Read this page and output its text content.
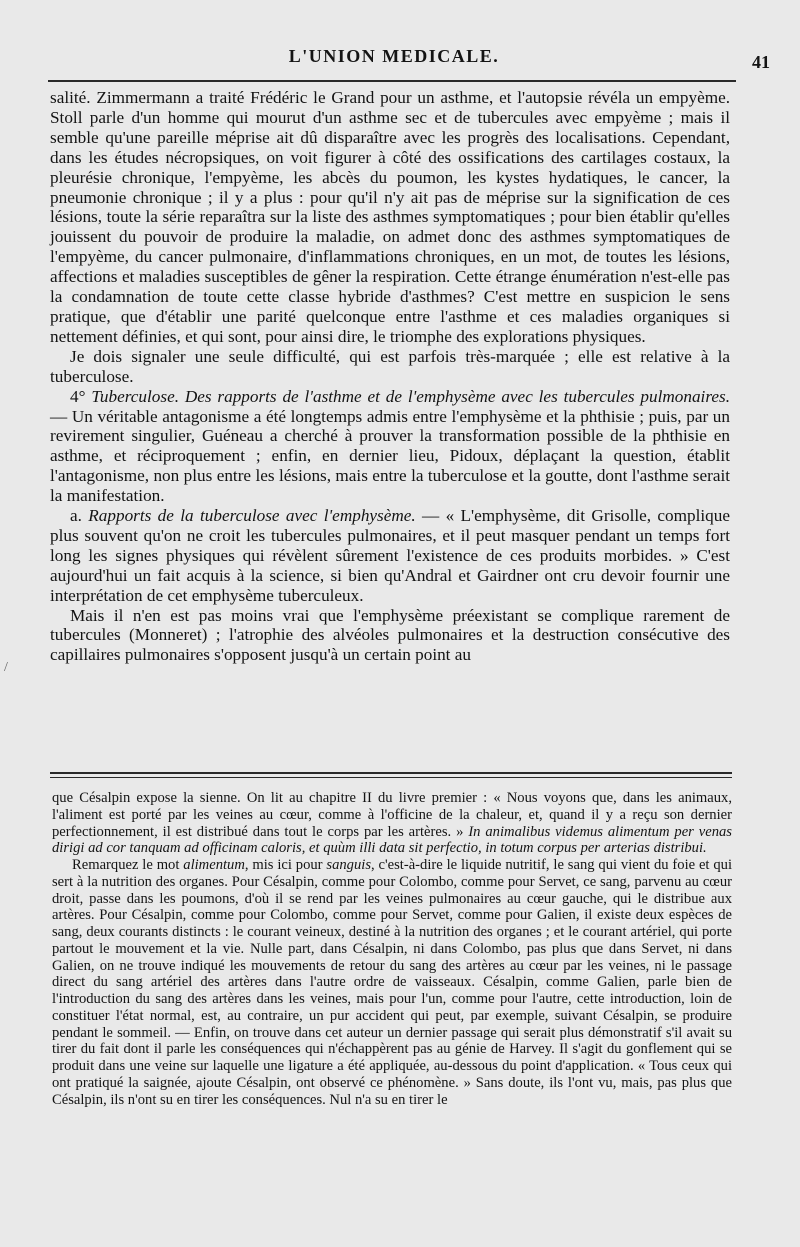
L'UNION MEDICALE.	41
/

salité. Zimmermann a traité Frédéric le Grand pour un asthme, et l'autopsie révéla un empyème. Stoll parle d'un homme qui mourut d'un asthme sec et de tubercules avec empyème ; mais il semble qu'une pareille méprise ait dû disparaître avec les progrès des localisations. Cependant, dans les études nécropsiques, on voit figurer à côté des ossifications des cartilages costaux, la pleurésie chronique, l'empyème, les abcès du poumon, les kystes hydatiques, le cancer, la pneumonie chronique ; il y a plus : pour qu'il n'y ait pas de méprise sur la signification de ces lésions, toute la série reparaîtra sur la liste des asthmes symptomatiques ; pour bien établir qu'elles jouissent du pouvoir de produire la maladie, on admet donc des asthmes symptomatiques de l'empyème, du cancer pulmonaire, d'inflammations chroniques, en un mot, de toutes les lésions, affections et maladies susceptibles de gêner la respiration. Cette étrange énumération n'est-elle pas la condamnation de toute cette classe hybride d'asthmes? C'est mettre en suspicion le sens pratique, que d'établir une parité quelconque entre l'asthme et ces maladies organiques si nettement définies, et qui sont, pour ainsi dire, le triomphe des explorations physiques.

Je dois signaler une seule difficulté, qui est parfois très-marquée ; elle est relative à la tuberculose.

4° Tuberculose. Des rapports de l'asthme et de l'emphysème avec les tubercules pulmonaires. — Un véritable antagonisme a été longtemps admis entre l'emphysème et la phthisie ; puis, par un revirement singulier, Guéneau a cherché à prouver la transformation possible de la phthisie en asthme, et réciproquement ; enfin, en dernier lieu, Pidoux, déplaçant la question, établit l'antagonisme, non plus entre les lésions, mais entre la tuberculose et la goutte, dont l'asthme serait la manifestation.

a. Rapports de la tuberculose avec l'emphysème. — « L'emphysème, dit Grisolle, complique plus souvent qu'on ne croit les tubercules pulmonaires, et il peut masquer pendant un temps fort long les signes physiques qui révèlent sûrement l'existence de ces produits morbides. » C'est aujourd'hui un fait acquis à la science, si bien qu'Andral et Gairdner ont cru devoir fournir une interprétation de cet emphysème tuberculeux.

Mais il n'en est pas moins vrai que l'emphysème préexistant se complique rarement de tubercules (Monneret) ; l'atrophie des alvéoles pulmonaires et la destruction consécutive des capillaires pulmonaires s'opposent jusqu'à un certain point au

que Césalpin expose la sienne. On lit au chapitre II du livre premier : « Nous voyons que, dans les animaux, l'aliment est porté par les veines au cœur, comme à l'officine de la chaleur, et, quand il y a reçu son dernier perfectionnement, il est distribué dans tout le corps par les artères. » In animalibus videmus alimentum per venas dirigi ad cor tanquam ad officinam caloris, et quùm illi data sit perfectio, in totum corpus per arterias distribui.

Remarquez le mot alimentum, mis ici pour sanguis, c'est-à-dire le liquide nutritif, le sang qui vient du foie et qui sert à la nutrition des organes. Pour Césalpin, comme pour Colombo, comme pour Servet, ce sang, parvenu au cœur droit, passe dans les poumons, d'où il se rend par les veines pulmonaires au cœur gauche, qui le distribue aux artères. Pour Césalpin, comme pour Colombo, comme pour Servet, comme pour Galien, il existe deux espèces de sang, deux courants distincts : le courant veineux, destiné à la nutrition des organes ; et le courant artériel, qui porte partout le mouvement et la vie. Nulle part, dans Césalpin, ni dans Colombo, pas plus que dans Servet, ni dans Galien, on ne trouve indiqué les mouvements de retour du sang des artères au cœur par les veines, ni le passage direct du sang artériel des artères dans l'autre ordre de vaisseaux. Césalpin, comme Galien, parle bien de l'introduction du sang des artères dans les veines, mais pour l'un, comme pour l'autre, cette introduction, loin de constituer l'état normal, est, au contraire, un pur accident qui peut, par exemple, suivant Césalpin, se produire pendant le sommeil. — Enfin, on trouve dans cet auteur un dernier passage qui serait plus démonstratif s'il avait su tirer du fait dont il parle les conséquences qui n'échappèrent pas au génie de Harvey. Il s'agit du gonflement qui se produit dans une veine sur laquelle une ligature a été appliquée, au-dessous du point d'application. « Tous ceux qui ont pratiqué la saignée, ajoute Césalpin, ont observé ce phénomène. » Sans doute, ils l'ont vu, mais, pas plus que Césalpin, ils n'ont su en tirer les conséquences. Nul n'a su en tirer le
